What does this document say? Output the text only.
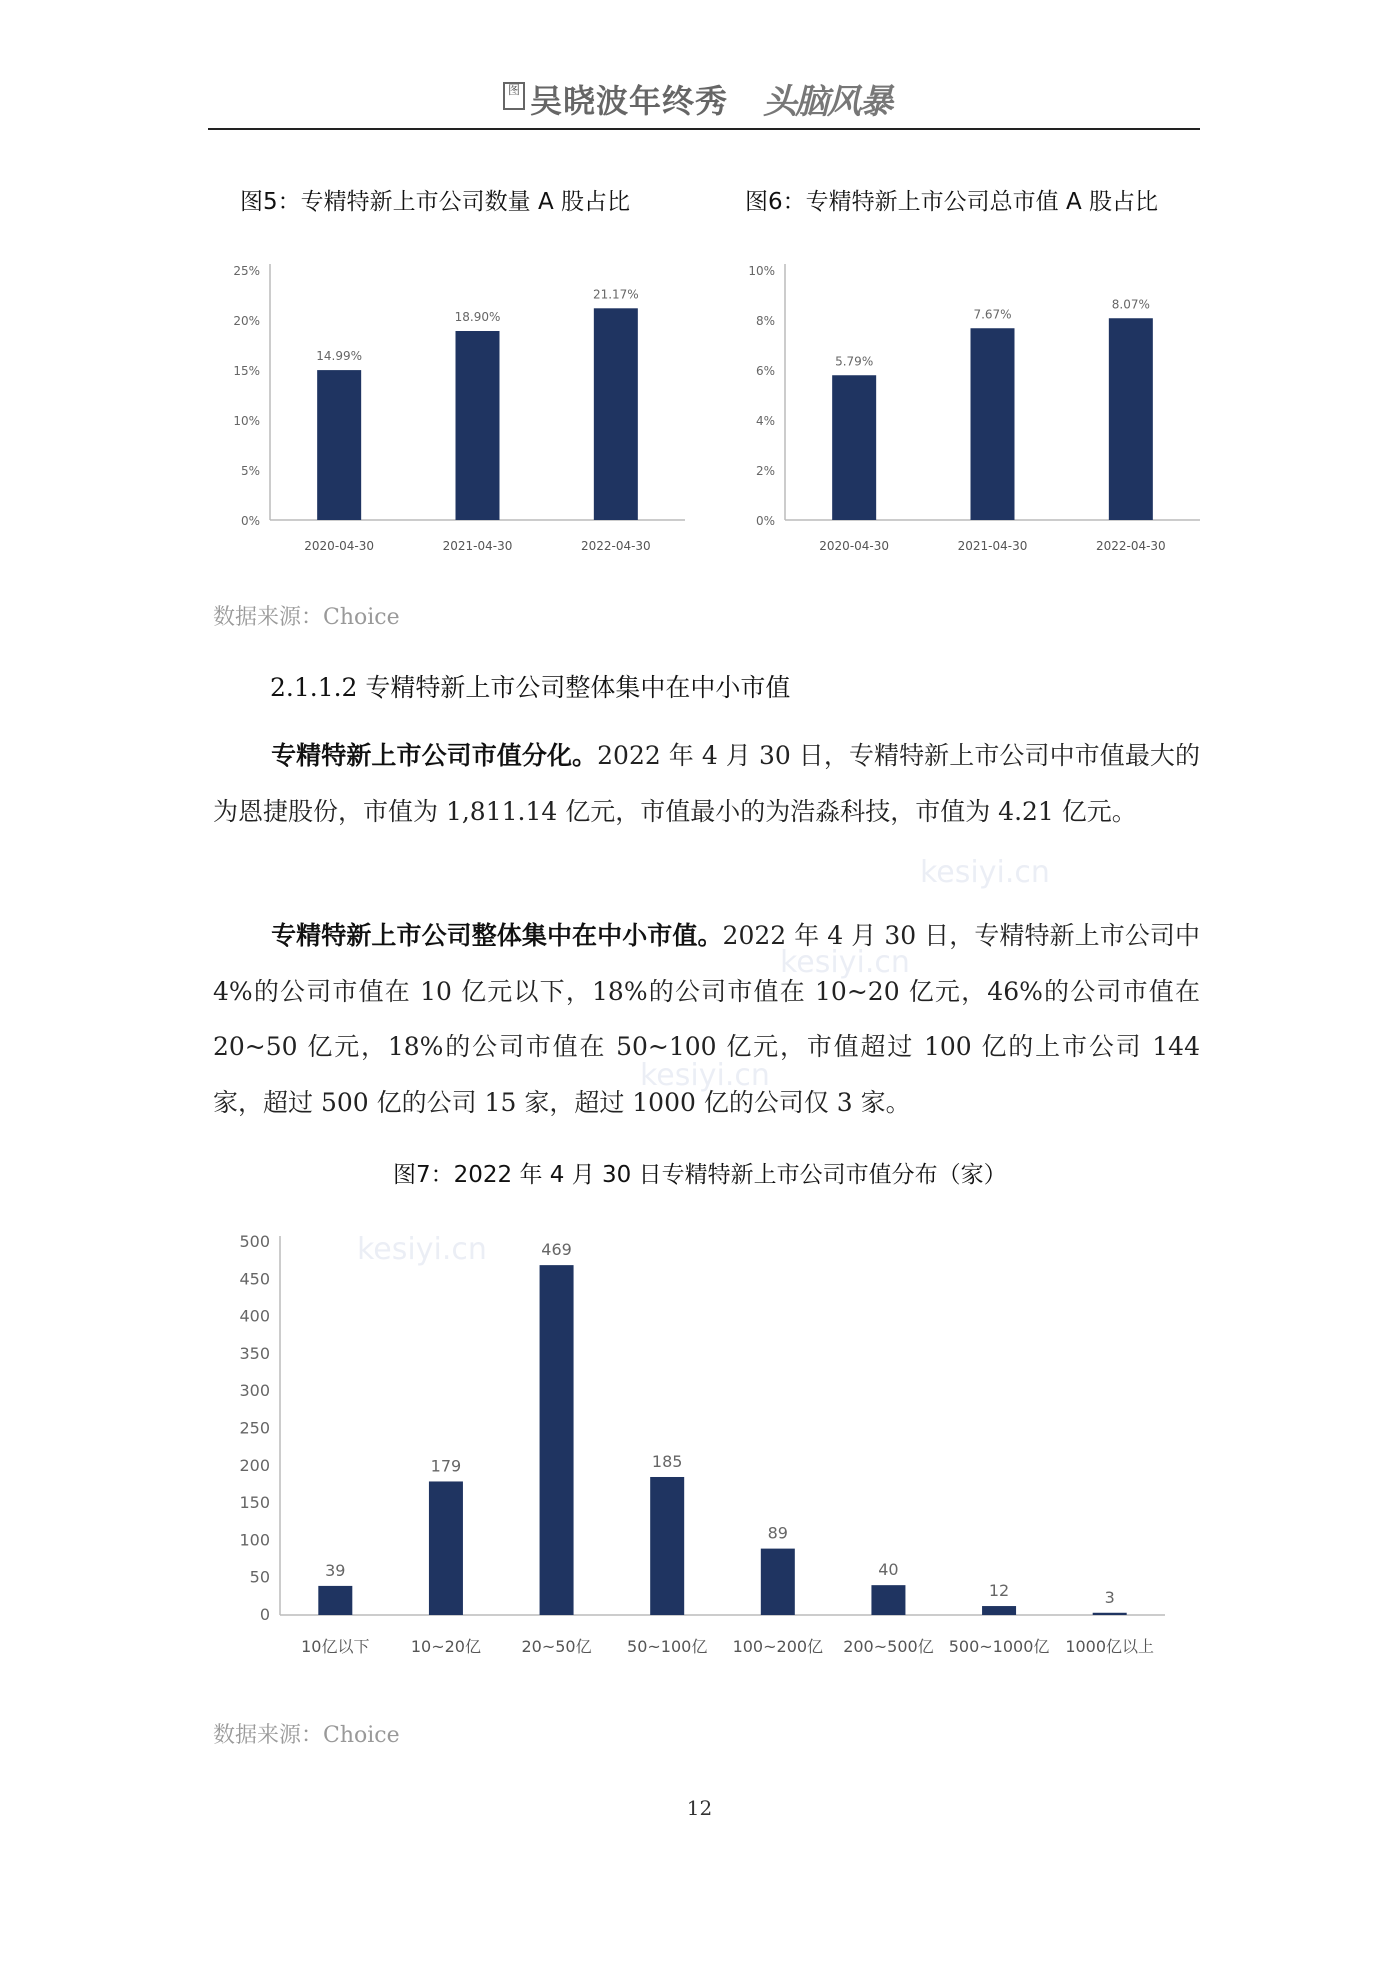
图 吴晓波年终秀 头脑风暴
图5：专精特新上市公司数量 A 股占比	图6：专精特新上市公司总市值 A 股占比
0%
5%
10%
15%
20%
25%
14.99%
2020-04-30
18.90%
2021-04-30
21.17%
2022-04-30
0%
2%
4%
6%
8%
10%
5.79%
2020-04-30
7.67%
2021-04-30
8.07%
2022-04-30
数据来源：Choice
2.1.1.2 专精特新上市公司整体集中在中小市值

专精特新上市公司市值分化。2022 年 4 月 30 日，专精特新上市公司中市值最大的为恩捷股份，市值为 1,811.14 亿元，市值最小的为浩淼科技，市值为 4.21 亿元。

专精特新上市公司整体集中在中小市值。2022 年 4 月 30 日，专精特新上市公司中 4%的公司市值在 10 亿元以下，18%的公司市值在 10~20 亿元，46%的公司市值在 20~50 亿元，18%的公司市值在 50~100 亿元，市值超过 100 亿的上市公司 144 家，超过 500 亿的公司 15 家，超过 1000 亿的公司仅 3 家。

图7：2022 年 4 月 30 日专精特新上市公司市值分布（家）
0
50
100
150
200
250
300
350
400
450
500
39
10亿以下
179
10~20亿
469
20~50亿
185
50~100亿
89
100~200亿
40
200~500亿
12
500~1000亿
3
1000亿以上
数据来源：Choice
12
kesiyi.cn
kesiyi.cn
kesiyi.cn
kesiyi.cn
